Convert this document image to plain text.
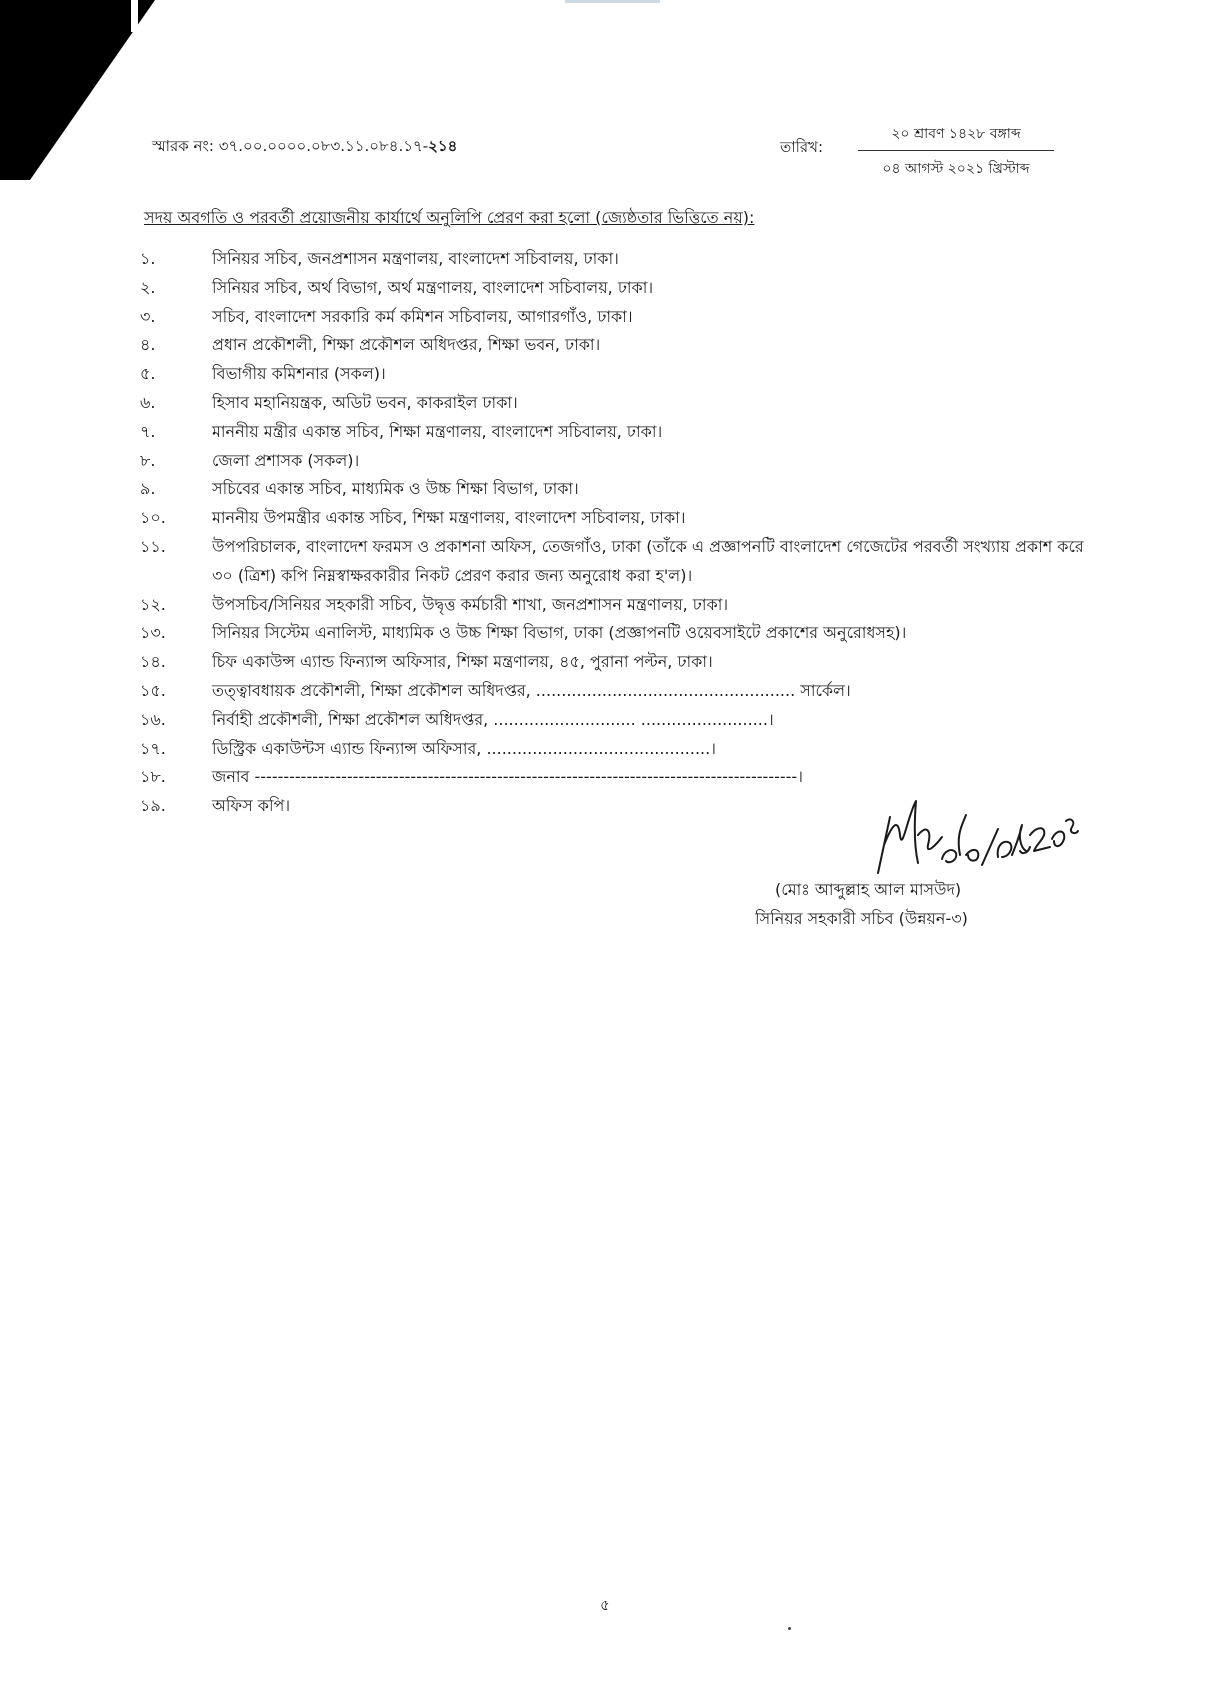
স্মারক নং: ৩৭.০০.০০০০.০৮৩.১১.০৮৪.১৭-২১৪	তারিখ:
২০ শ্রাবণ ১৪২৮ বঙ্গাব্দ
০৪ আগস্ট ২০২১ খ্রিস্টাব্দ
সদয় অবগতি ও পরবর্তী প্রয়োজনীয় কার্যার্থে অনুলিপি প্রেরণ করা হলো (জ্যেষ্ঠতার ভিত্তিতে নয়):
১.	সিনিয়র সচিব, জনপ্রশাসন মন্ত্রণালয়, বাংলাদেশ সচিবালয়, ঢাকা।
২.	সিনিয়র সচিব, অর্থ বিভাগ, অর্থ মন্ত্রণালয়, বাংলাদেশ সচিবালয়, ঢাকা।
৩.	সচিব, বাংলাদেশ সরকারি কর্ম কমিশন সচিবালয়, আগারগাঁও, ঢাকা।
৪.	প্রধান প্রকৌশলী, শিক্ষা প্রকৌশল অধিদপ্তর, শিক্ষা ভবন, ঢাকা।
৫.	বিভাগীয় কমিশনার (সকল)।
৬.	হিসাব মহানিয়ন্ত্রক, অডিট ভবন, কাকরাইল ঢাকা।
৭.	মাননীয় মন্ত্রীর একান্ত সচিব, শিক্ষা মন্ত্রণালয়, বাংলাদেশ সচিবালয়, ঢাকা।
৮.	জেলা প্রশাসক (সকল)।
৯.	সচিবের একান্ত সচিব, মাধ্যমিক ও উচ্চ শিক্ষা বিভাগ, ঢাকা।
১০.	মাননীয় উপমন্ত্রীর একান্ত সচিব, শিক্ষা মন্ত্রণালয়, বাংলাদেশ সচিবালয়, ঢাকা।
১১.	উপপরিচালক, বাংলাদেশ ফরমস ও প্রকাশনা অফিস, তেজগাঁও, ঢাকা (তাঁকে এ প্রজ্ঞাপনটি বাংলাদেশ গেজেটের পরবর্তী সংখ্যায় প্রকাশ করে ৩০ (ত্রিশ) কপি নিম্নস্বাক্ষরকারীর নিকট প্রেরণ করার জন্য অনুরোধ করা হ'ল)।
১২.	উপসচিব/সিনিয়র সহকারী সচিব, উদ্বৃত্ত কর্মচারী শাখা, জনপ্রশাসন মন্ত্রণালয়, ঢাকা।
১৩.	সিনিয়র সিস্টেম এনালিস্ট, মাধ্যমিক ও উচ্চ শিক্ষা বিভাগ, ঢাকা (প্রজ্ঞাপনটি ওয়েবসাইটে প্রকাশের অনুরোধসহ)।
১৪.	চিফ একাউন্স এ্যান্ড ফিন্যান্স অফিসার, শিক্ষা মন্ত্রণালয়, ৪৫, পুরানা পল্টন, ঢাকা।
১৫.	তত্ত্বাবধায়ক প্রকৌশলী, শিক্ষা প্রকৌশল অধিদপ্তর, ................................................... সার্কেল।
১৬.	নির্বাহী প্রকৌশলী, শিক্ষা প্রকৌশল অধিদপ্তর, ............................ .........................।
১৭.	ডিস্ট্রিক একাউন্টস এ্যান্ড ফিন্যান্স অফিসার, ............................................।
১৮.	জনাব ----------------------------------------------------------------------------------------------।
১৯.	অফিস কপি।
(মোঃ আব্দুল্লাহ আল মাসউদ)
সিনিয়র সহকারী সচিব (উন্নয়ন-৩)
৫
